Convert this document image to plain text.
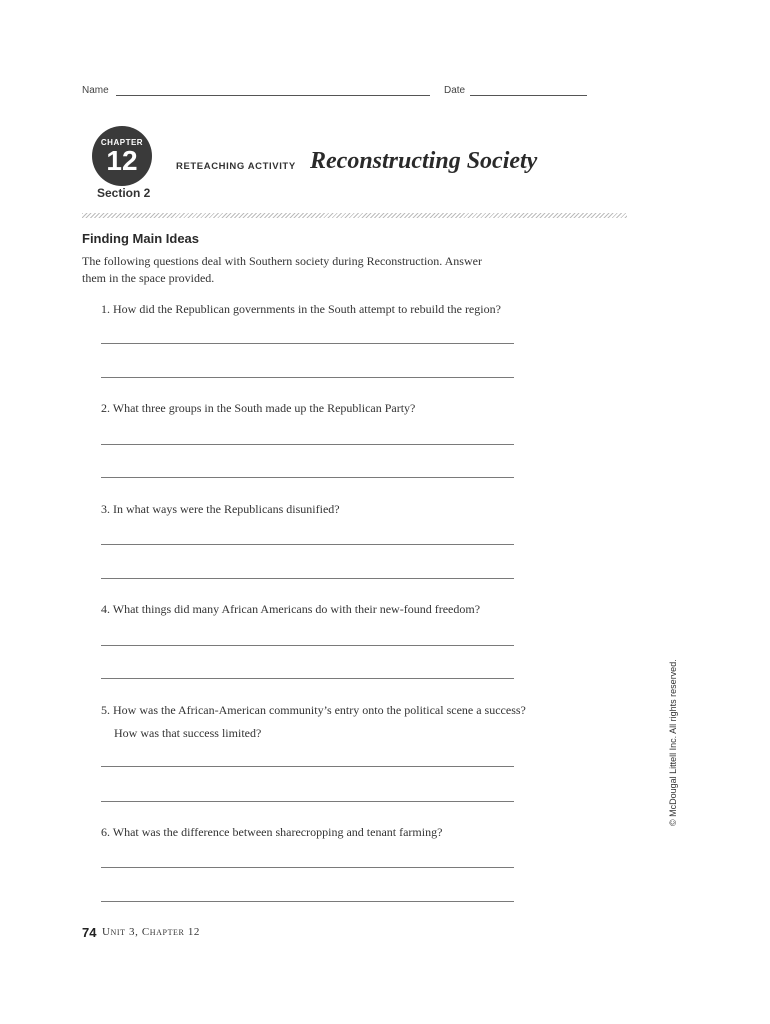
Name	Date
CHAPTER
12
Section 2
RETEACHING ACTIVITY Reconstructing Society
Finding Main Ideas
The following questions deal with Southern society during Reconstruction. Answer them in the space provided.
1. How did the Republican governments in the South attempt to rebuild the region?
2. What three groups in the South made up the Republican Party?
3. In what ways were the Republicans disunified?
4. What things did many African Americans do with their new-found freedom?
5. How was the African-American community’s entry onto the political scene a success?
How was that success limited?
6. What was the difference between sharecropping and tenant farming?
74 Unit 3, Chapter 12
© McDougal Littell Inc. All rights reserved.
